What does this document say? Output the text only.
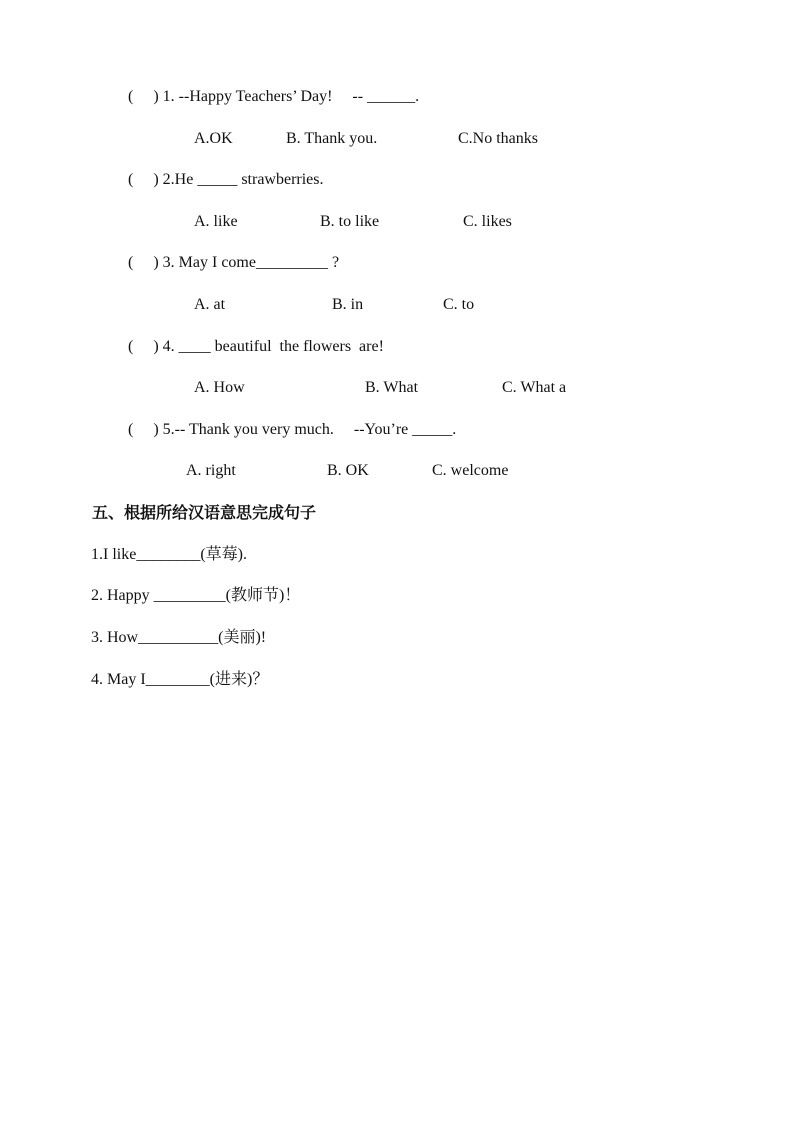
(     ) 1. --Happy Teachers’ Day!     -- ______.
A.OK	B. Thank you.	C.No thanks
(     ) 2.He _____ strawberries.
A. like	B. to like	C. likes
(     ) 3. May I come_________ ?
A. at	B. in	C. to
(     ) 4. ____ beautiful  the flowers  are!
A. How	B. What	C. What a
(     ) 5.-- Thank you very much.     --You’re _____.
A. right	B. OK	C. welcome
五、根据所给汉语意思完成句子
1.I like________(草莓).
2. Happy _________(教师节)！
3. How__________(美丽)!
4. May I________(进来)？
